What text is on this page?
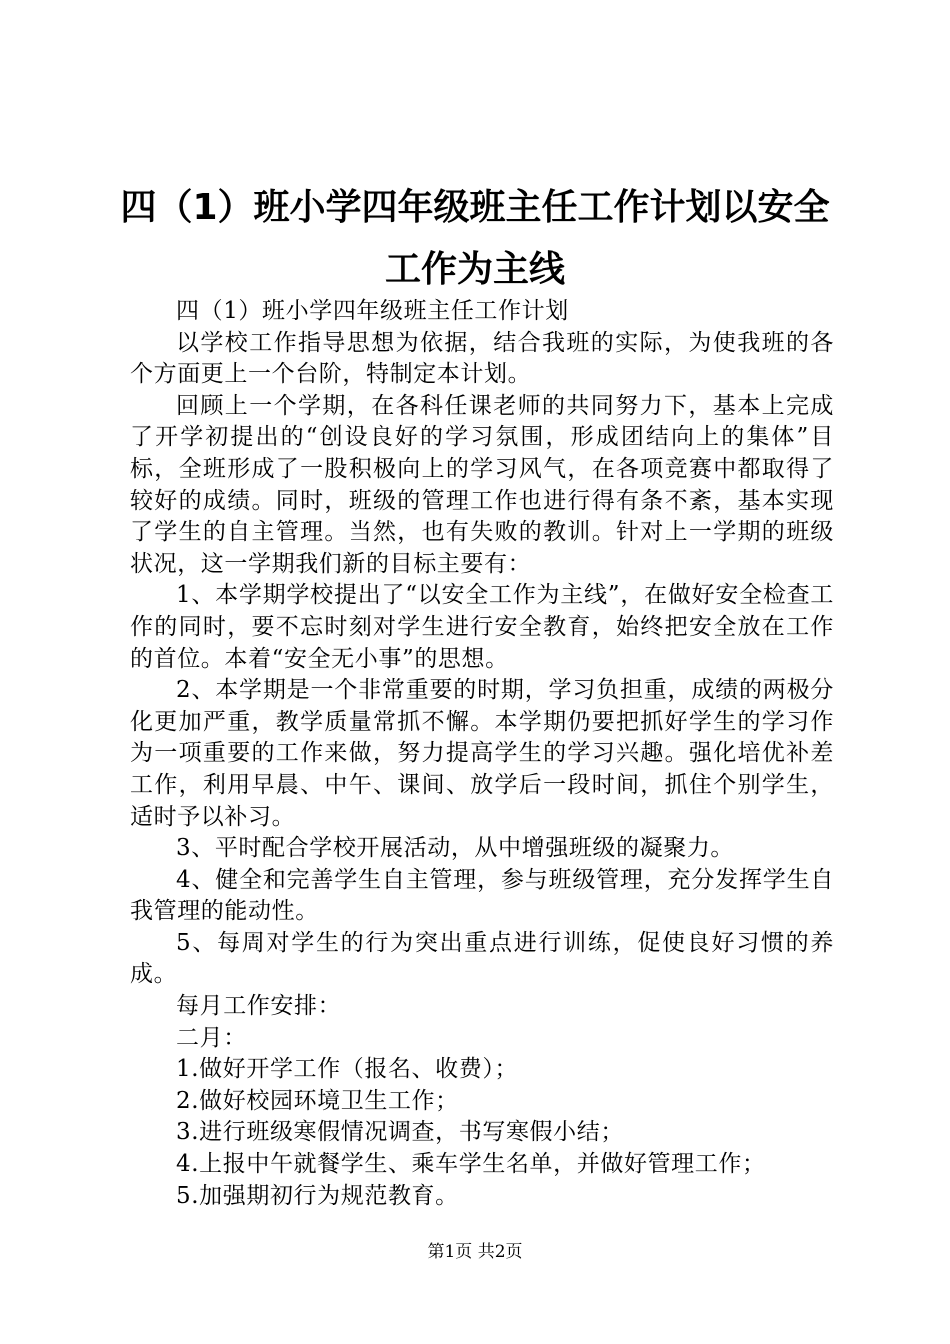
四（1）班小学四年级班主任工作计划以安全
工作为主线

四（1）班小学四年级班主任工作计划

以学校工作指导思想为依据，结合我班的实际，为使我班的各个方面更上一个台阶，特制定本计划。

回顾上一个学期，在各科任课老师的共同努力下，基本上完成了开学初提出的“创设良好的学习氛围，形成团结向上的集体”目标，全班形成了一股积极向上的学习风气，在各项竞赛中都取得了较好的成绩。同时，班级的管理工作也进行得有条不紊，基本实现了学生的自主管理。当然，也有失败的教训。针对上一学期的班级状况，这一学期我们新的目标主要有：

1、本学期学校提出了“以安全工作为主线”，在做好安全检查工作的同时，要不忘时刻对学生进行安全教育，始终把安全放在工作的首位。本着“安全无小事”的思想。

2、本学期是一个非常重要的时期，学习负担重，成绩的两极分化更加严重，教学质量常抓不懈。本学期仍要把抓好学生的学习作为一项重要的工作来做，努力提高学生的学习兴趣。强化培优补差工作，利用早晨、中午、课间、放学后一段时间，抓住个别学生，适时予以补习。

3、平时配合学校开展活动，从中增强班级的凝聚力。

4、健全和完善学生自主管理，参与班级管理，充分发挥学生自我管理的能动性。

5、每周对学生的行为突出重点进行训练，促使良好习惯的养成。

每月工作安排：

二月：

1.做好开学工作（报名、收费）；

2.做好校园环境卫生工作；

3.进行班级寒假情况调查，书写寒假小结；

4.上报中午就餐学生、乘车学生名单，并做好管理工作；

5.加强期初行为规范教育。

第1页 共2页
